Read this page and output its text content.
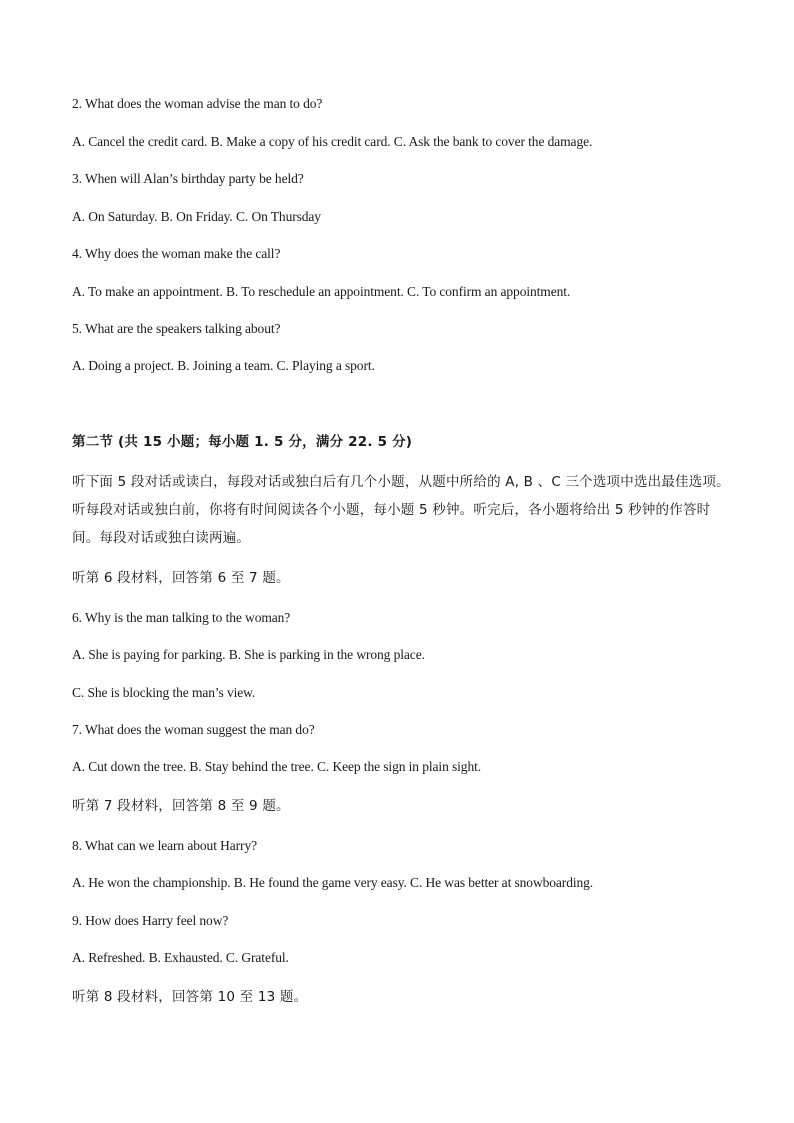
2. What does the woman advise the man to do?
A. Cancel the credit card. B. Make a copy of his credit card. C. Ask the bank to cover the damage.
3. When will Alan’s birthday party be held?
A. On Saturday. B. On Friday. C. On Thursday
4. Why does the woman make the call?
A. To make an appointment. B. To reschedule an appointment. C. To confirm an appointment.
5. What are the speakers talking about?
A. Doing a project. B. Joining a team. C. Playing a sport.
第二节 (共 15 小题；每小题 1. 5 分，满分 22. 5 分)
听下面 5 段对话或读白，每段对话或独白后有几个小题，从题中所给的 A, B 、C 三个选项中选出最佳选项。
听每段对话或独白前，你将有时间阅读各个小题，每小题 5 秒钟。听完后，各小题将给出 5 秒钟的作答时
间。每段对话或独白读两遍。
听第 6 段材料，回答第 6 至 7 题。
6. Why is the man talking to the woman?
A. She is paying for parking. B. She is parking in the wrong place.
C. She is blocking the man’s view.
7. What does the woman suggest the man do?
A. Cut down the tree. B. Stay behind the tree. C. Keep the sign in plain sight.
听第 7 段材料，回答第 8 至 9 题。
8. What can we learn about Harry?
A. He won the championship. B. He found the game very easy. C. He was better at snowboarding.
9. How does Harry feel now?
A. Refreshed. B. Exhausted. C. Grateful.
听第 8 段材料，回答第 10 至 13 题。
